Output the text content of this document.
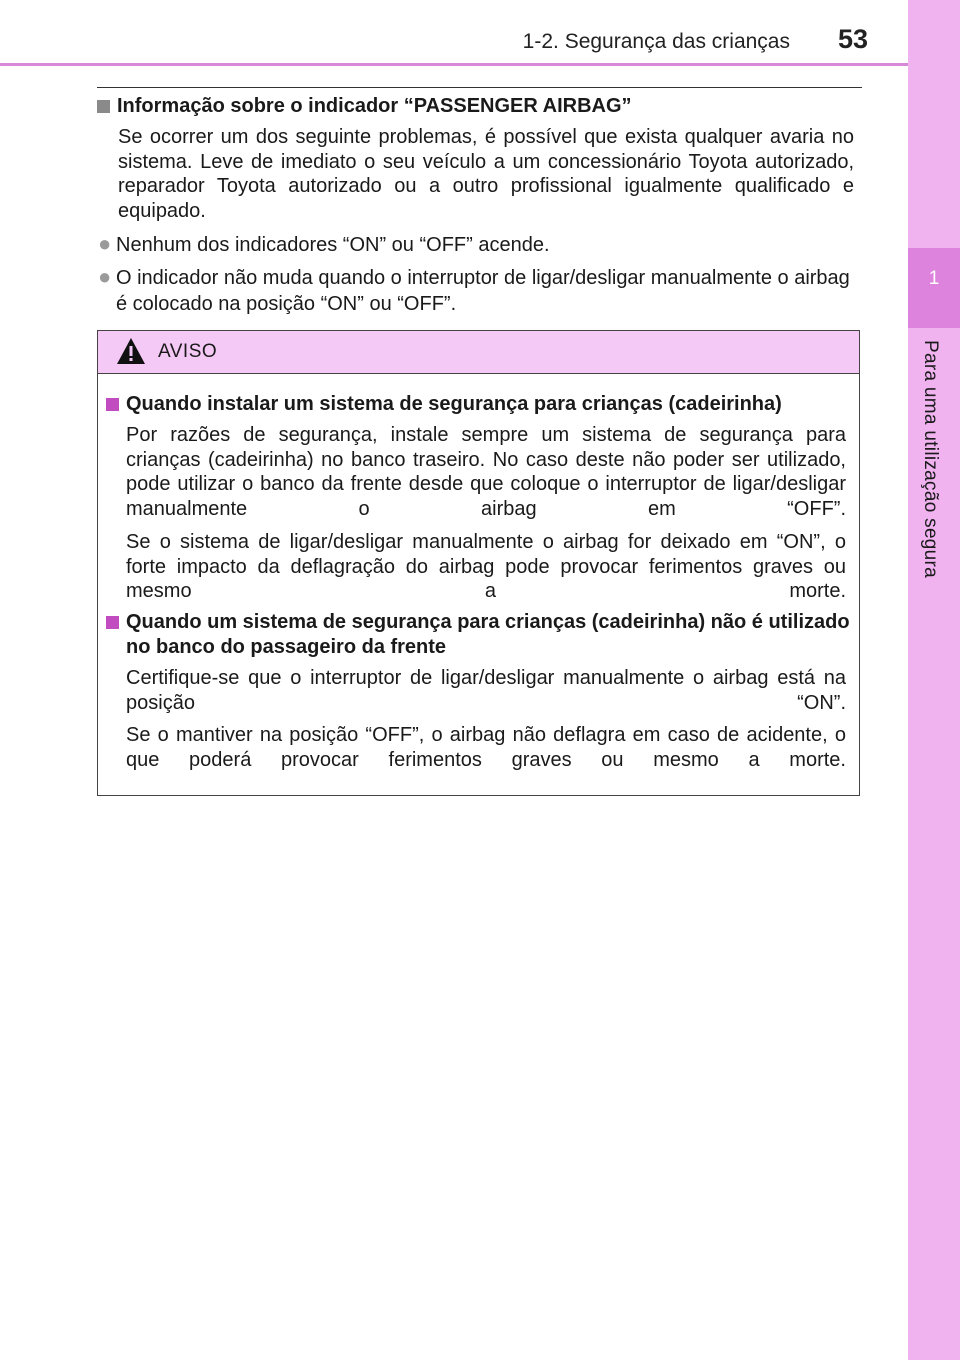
1
Para uma utilização segura
1-2. Segurança das crianças 53
Informação sobre o indicador “PASSENGER AIRBAG”
Se ocorrer um dos seguinte problemas, é possível que exista qualquer avaria no sistema. Leve de imediato o seu veículo a um concessionário Toyota autorizado, reparador Toyota autorizado ou a outro profissional igualmente qualificado e equipado.
● Nenhum dos indicadores “ON” ou “OFF” acende.
● O indicador não muda quando o interruptor de ligar/desligar manualmente o airbag é colocado na posição “ON” ou “OFF”.
AVISO
Quando instalar um sistema de segurança para crianças (cadeirinha)
Por razões de segurança, instale sempre um sistema de segurança para crianças (cadeirinha) no banco traseiro. No caso deste não poder ser utilizado, pode utilizar o banco da frente desde que coloque o interruptor de ligar/desligar manualmente o airbag em “OFF”.
Se o sistema de ligar/desligar manualmente o airbag for deixado em “ON”, o forte impacto da deflagração do airbag pode provocar ferimentos graves ou mesmo a morte.
Quando um sistema de segurança para crianças (cadeirinha) não é utilizado no banco do passageiro da frente
Certifique-se que o interruptor de ligar/desligar manualmente o airbag está na posição “ON”.
Se o mantiver na posição “OFF”, o airbag não deflagra em caso de acidente, o que poderá provocar ferimentos graves ou mesmo a morte.
